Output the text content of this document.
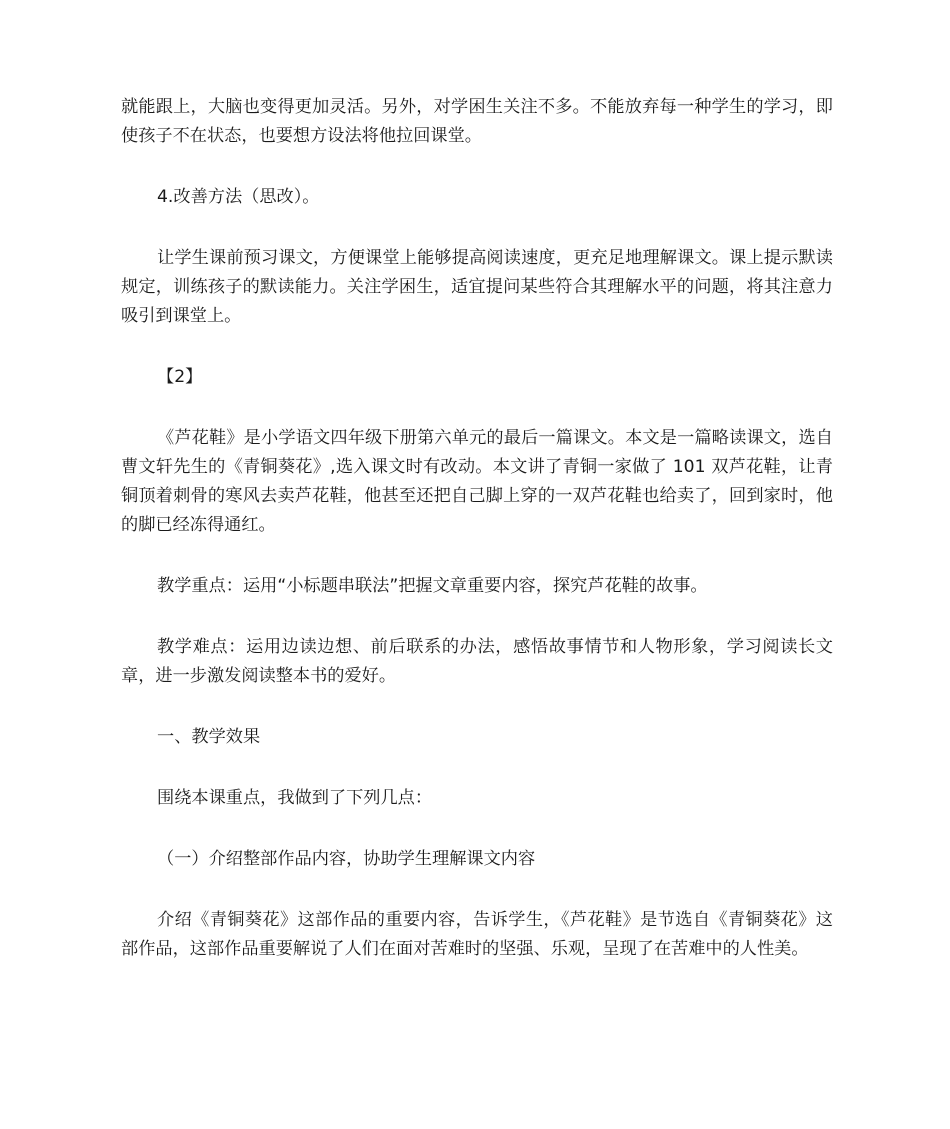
就能跟上，大脑也变得更加灵活。另外，对学困生关注不多。不能放弃每一种学生的学习，即使孩子不在状态，也要想方设法将他拉回课堂。

4.改善方法（思改）。

让学生课前预习课文，方便课堂上能够提高阅读速度，更充足地理解课文。课上提示默读规定，训练孩子的默读能力。关注学困生，适宜提问某些符合其理解水平的问题，将其注意力吸引到课堂上。

【2】

《芦花鞋》是小学语文四年级下册第六单元的最后一篇课文。本文是一篇略读课文，选自曹文轩先生的《青铜葵花》,选入课文时有改动。本文讲了青铜一家做了 101 双芦花鞋，让青铜顶着刺骨的寒风去卖芦花鞋，他甚至还把自己脚上穿的一双芦花鞋也给卖了，回到家时，他的脚已经冻得通红。

教学重点：运用“小标题串联法”把握文章重要内容，探究芦花鞋的故事。

教学难点：运用边读边想、前后联系的办法，感悟故事情节和人物形象，学习阅读长文章，进一步激发阅读整本书的爱好。

一、教学效果

围绕本课重点，我做到了下列几点：

（一）介绍整部作品内容，协助学生理解课文内容

介绍《青铜葵花》这部作品的重要内容，告诉学生，《芦花鞋》是节选自《青铜葵花》这部作品，这部作品重要解说了人们在面对苦难时的坚强、乐观，呈现了在苦难中的人性美。
